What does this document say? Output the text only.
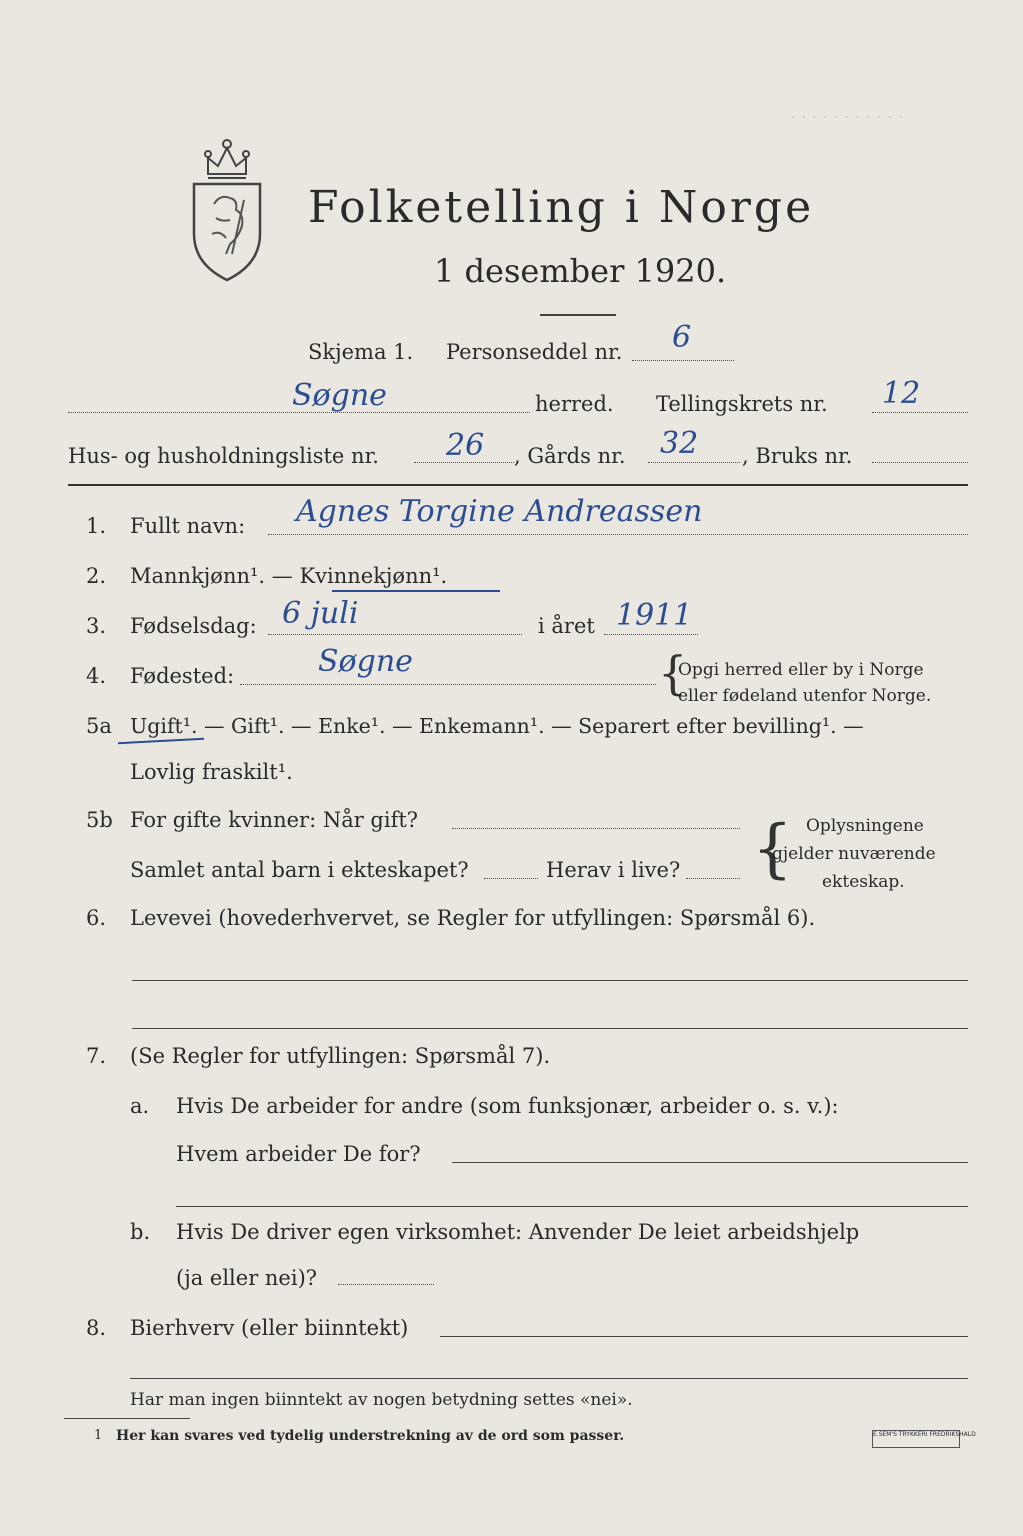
· · · · · · · · · · ·
Folketelling i Norge
1 desember 1920.
Skjema 1. Personseddel nr. 6
Søgne	herred. Tellingskrets nr. 12
Hus- og husholdningsliste nr. 26 , Gårds nr. 32 , Bruks nr.
1. Fullt navn: Agnes Torgine Andreassen
2. Mannkjønn¹. — Kvinnekjønn¹.
3. Fødselsdag: 6 juli	i året 1911
4. Fødested:	Søgne	{
Opgi herred eller by i Norge
eller fødeland utenfor Norge.
5a Ugift¹. — Gift¹. — Enke¹. — Enkemann¹. — Separert efter bevilling¹. —
Lovlig fraskilt¹.
5b For gifte kvinner: Når gift?
Samlet antal barn i ekteskapet?	Herav i live? { Oplysningene
gjelder nuværende
ekteskap.
6. Levevei (hovederhvervet, se Regler for utfyllingen: Spørsmål 6).
7. (Se Regler for utfyllingen: Spørsmål 7).
a. Hvis De arbeider for andre (som funksjonær, arbeider o. s. v.):
Hvem arbeider De for?
b. Hvis De driver egen virksomhet: Anvender De leiet arbeidshjelp
(ja eller nei)?
8. Bierhverv (eller biinntekt)
Har man ingen biinntekt av nogen betydning settes «nei».
1 Her kan svares ved tydelig understrekning av de ord som passer.	E.SEM'S TRYKKERI FREDRIKSHALD
